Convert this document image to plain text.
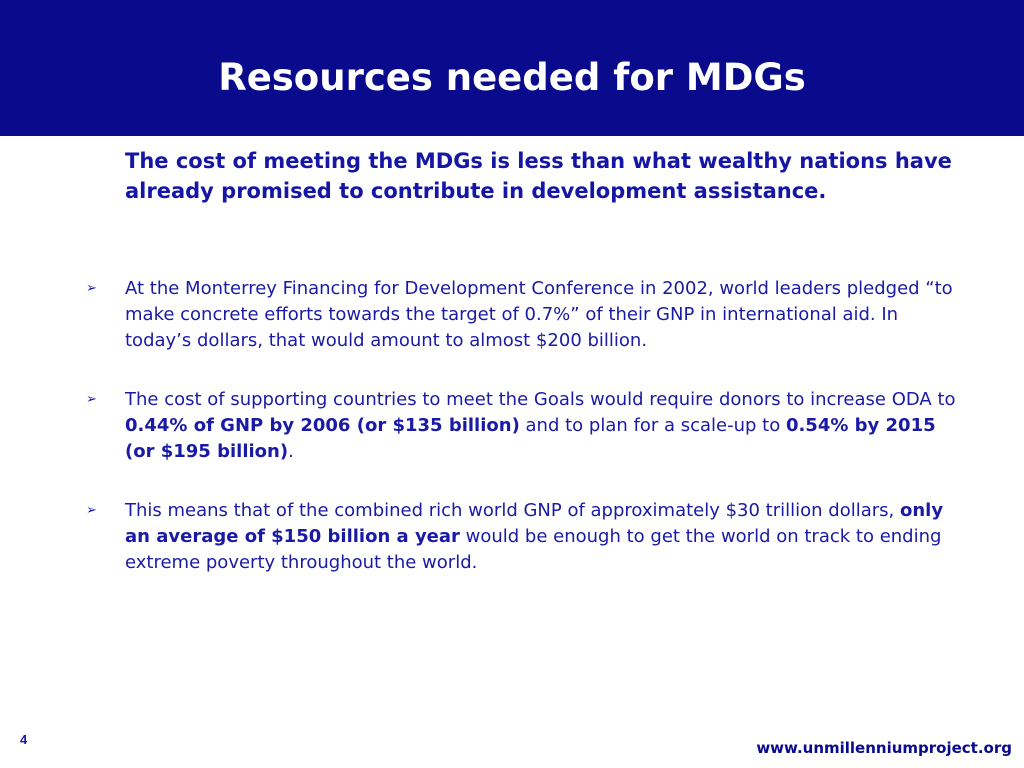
Resources needed for MDGs

The cost of meeting the MDGs is less than what wealthy nations have already promised to contribute in development assistance.

➢ At the Monterrey Financing for Development Conference in 2002, world leaders pledged “to make concrete efforts towards the target of 0.7%” of their GNP in international aid. In today’s dollars, that would amount to almost $200 billion.
➢ The cost of supporting countries to meet the Goals would require donors to increase ODA to 0.44% of GNP by 2006 (or $135 billion) and to plan for a scale-up to 0.54% by 2015 (or $195 billion).
➢ This means that of the combined rich world GNP of approximately $30 trillion dollars, only an average of $150 billion a year would be enough to get the world on track to ending extreme poverty throughout the world.
4	www.unmillenniumproject.org
